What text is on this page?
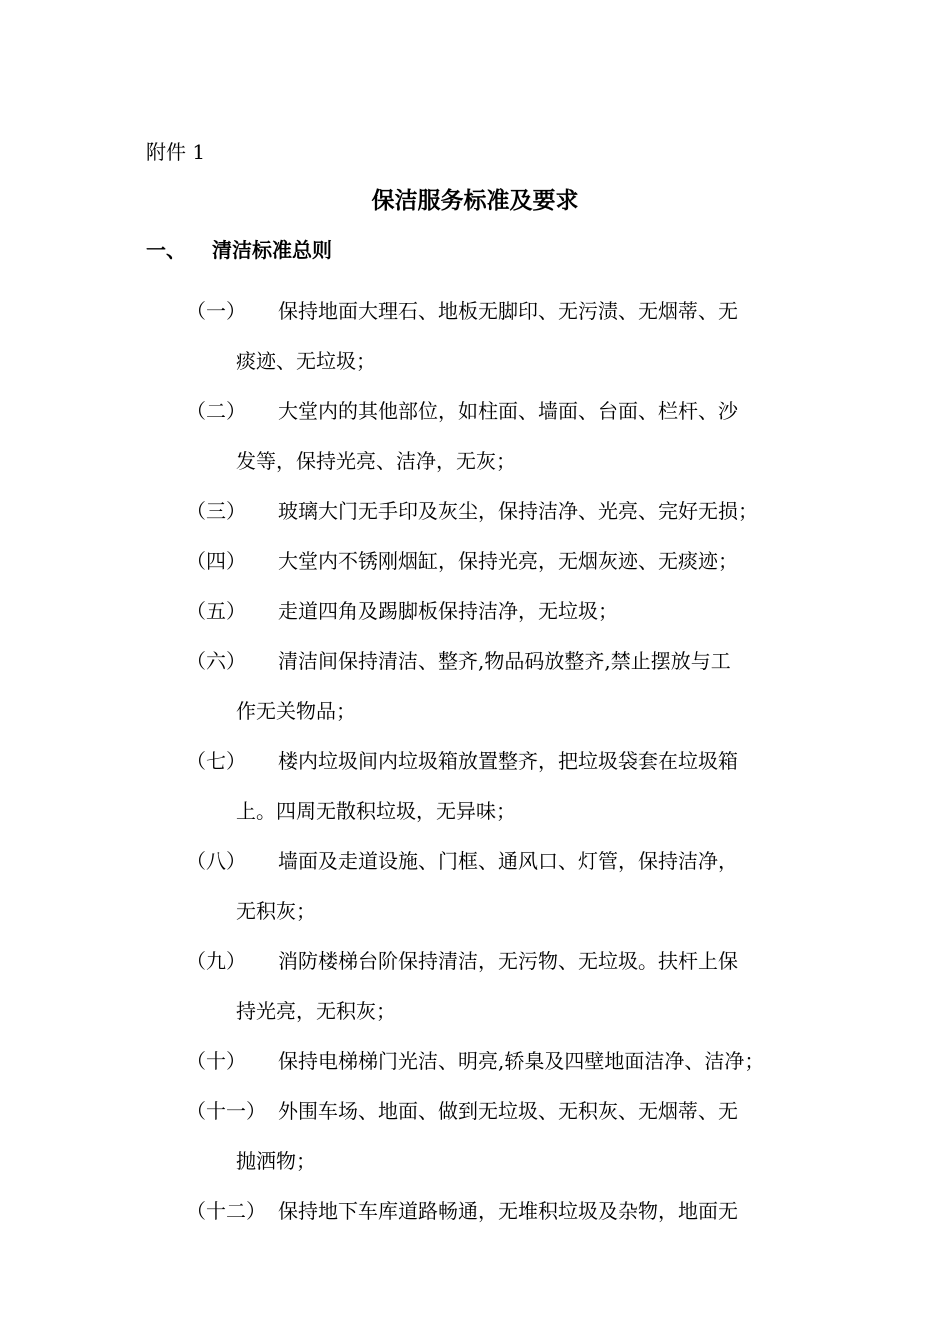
附件 1
保洁服务标准及要求
一、 清洁标准总则
（一） 保持地面大理石、地板无脚印、无污渍、无烟蒂、无
痰迹、无垃圾；
（二） 大堂内的其他部位，如柱面、墙面、台面、栏杆、沙
发等，保持光亮、洁净，无灰；
（三） 玻璃大门无手印及灰尘，保持洁净、光亮、完好无损；
（四） 大堂内不锈刚烟缸，保持光亮，无烟灰迹、无痰迹；
（五） 走道四角及踢脚板保持洁净，无垃圾；
（六） 清洁间保持清洁、整齐,物品码放整齐,禁止摆放与工
作无关物品；
（七） 楼内垃圾间内垃圾箱放置整齐，把垃圾袋套在垃圾箱
上。四周无散积垃圾，无异味；
（八） 墙面及走道设施、门框、通风口、灯管，保持洁净，
无积灰；
（九） 消防楼梯台阶保持清洁，无污物、无垃圾。扶杆上保
持光亮，无积灰；
（十） 保持电梯梯门光洁、明亮,轿臬及四壁地面洁净、洁净；
（十一） 外围车场、地面、做到无垃圾、无积灰、无烟蒂、无
抛洒物；
（十二） 保持地下车库道路畅通，无堆积垃圾及杂物，地面无
